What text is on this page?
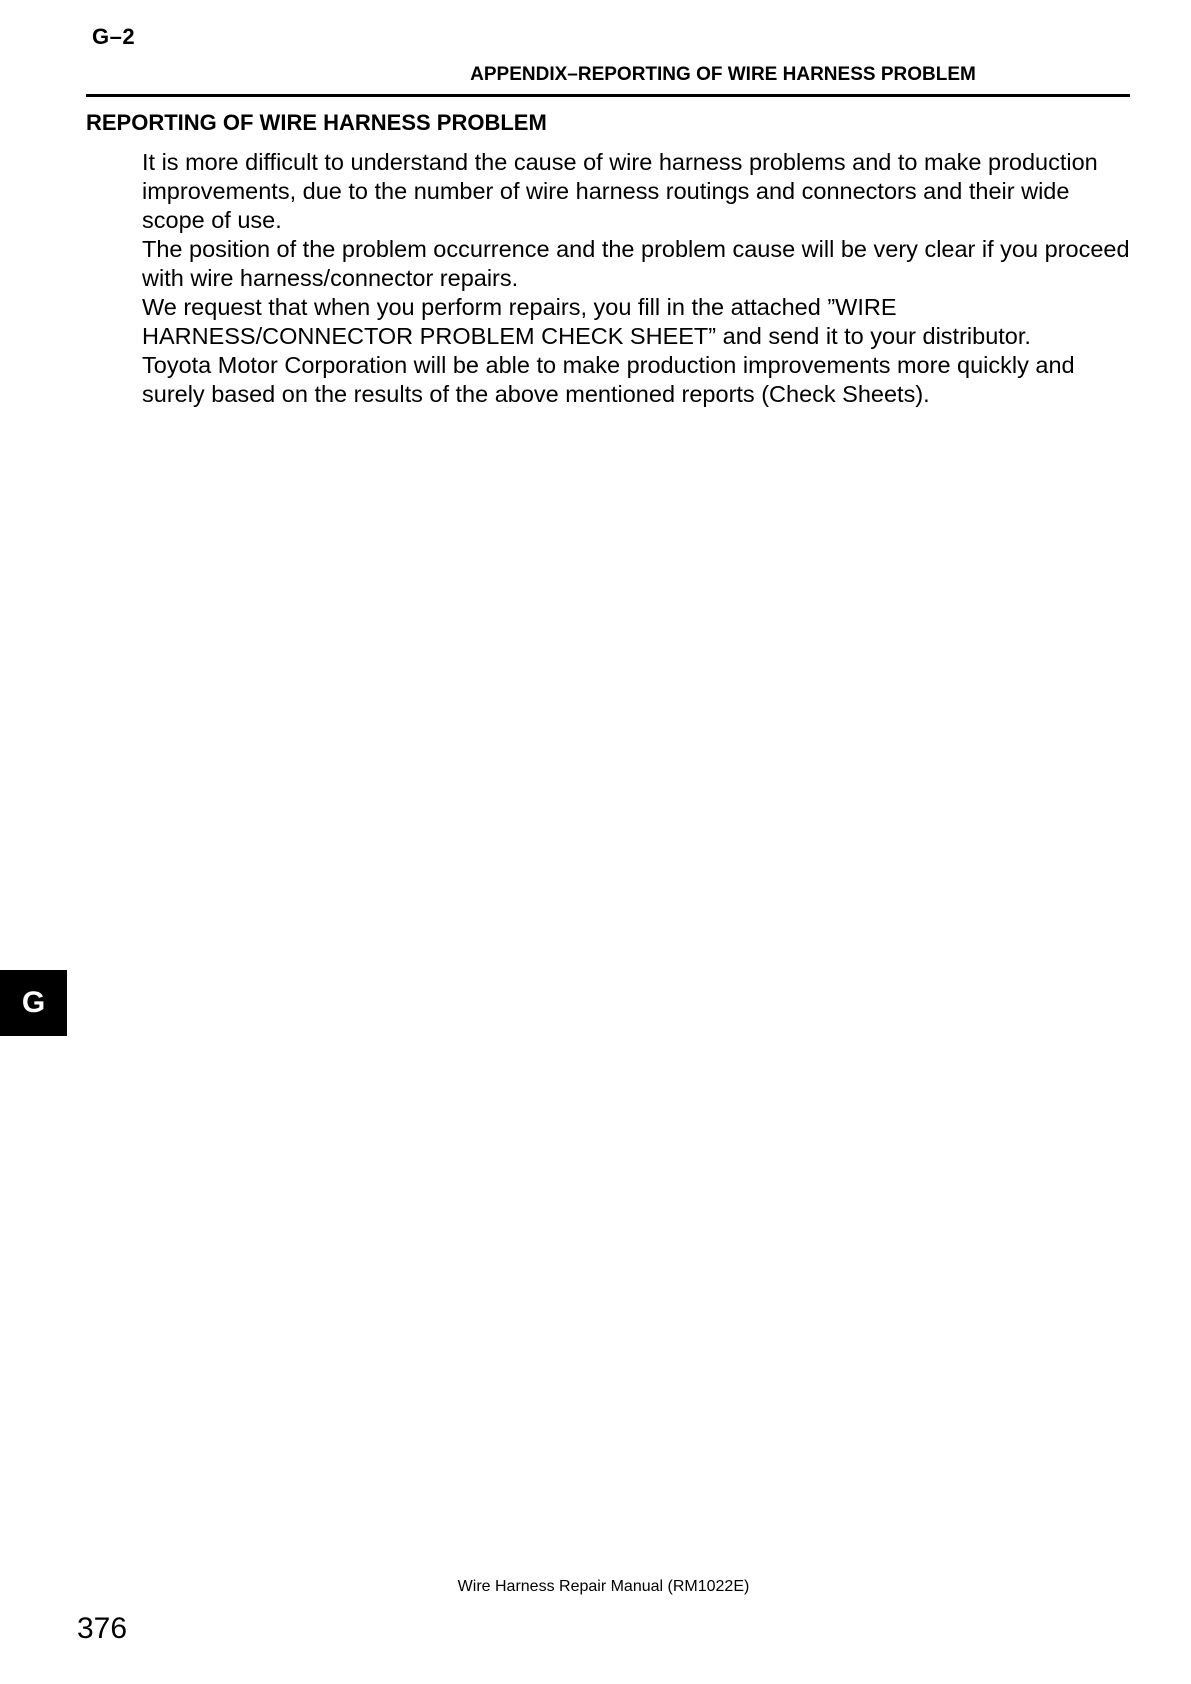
G–2
APPENDIX–REPORTING OF WIRE HARNESS PROBLEM
REPORTING OF WIRE HARNESS PROBLEM

It is more difficult to understand the cause of wire harness problems and to make production improvements, due to the number of wire harness routings and connectors and their wide scope of use.

The position of the problem occurrence and the problem cause will be very clear if you proceed with wire harness/connector repairs.

We request that when you perform repairs, you fill in the attached ”WIRE HARNESS/CONNECTOR PROBLEM CHECK SHEET” and send it to your distributor.

Toyota Motor Corporation will be able to make production improvements more quickly and surely based on the results of the above mentioned reports (Check Sheets).

G
Wire Harness Repair Manual (RM1022E)
376
